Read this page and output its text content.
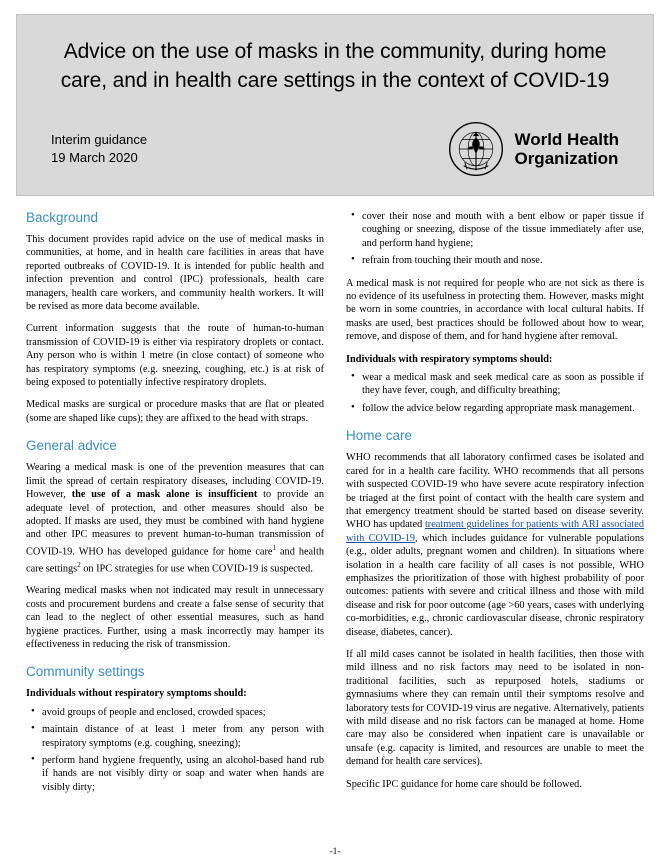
Advice on the use of masks in the community, during home care, and in health care settings in the context of COVID-19
Interim guidance
19 March 2020
World Health
Organization
Background

This document provides rapid advice on the use of medical masks in communities, at home, and in health care facilities in areas that have reported outbreaks of COVID-19. It is intended for public health and infection prevention and control (IPC) professionals, health care managers, health care workers, and community health workers. It will be revised as more data become available.

Current information suggests that the route of human-to-human transmission of COVID-19 is either via respiratory droplets or contact. Any person who is within 1 metre (in close contact) of someone who has respiratory symptoms (e.g. sneezing, coughing, etc.) is at risk of being exposed to potentially infective respiratory droplets.

Medical masks are surgical or procedure masks that are flat or pleated (some are shaped like cups); they are affixed to the head with straps.

General advice

Wearing a medical mask is one of the prevention measures that can limit the spread of certain respiratory diseases, including COVID-19. However, the use of a mask alone is insufficient to provide an adequate level of protection, and other measures should also be adopted. If masks are used, they must be combined with hand hygiene and other IPC measures to prevent human-to-human transmission of COVID-19. WHO has developed guidance for home care$^1$ and health care settings$^2$ on IPC strategies for use when COVID-19 is suspected.

Wearing medical masks when not indicated may result in unnecessary costs and procurement burdens and create a false sense of security that can lead to the neglect of other essential measures, such as hand hygiene practices. Further, using a mask incorrectly may hamper its effectiveness in reducing the risk of transmission.

Community settings

Individuals without respiratory symptoms should:

• avoid groups of people and enclosed, crowded spaces;
• maintain distance of at least 1 meter from any person with respiratory symptoms (e.g. coughing, sneezing);
• perform hand hygiene frequently, using an alcohol-based hand rub if hands are not visibly dirty or soap and water when hands are visibly dirty;
• cover their nose and mouth with a bent elbow or paper tissue if coughing or sneezing, dispose of the tissue immediately after use, and perform hand hygiene;
• refrain from touching their mouth and nose.

A medical mask is not required for people who are not sick as there is no evidence of its usefulness in protecting them. However, masks might be worn in some countries, in accordance with local cultural habits. If masks are used, best practices should be followed about how to wear, remove, and dispose of them, and for hand hygiene after removal.

Individuals with respiratory symptoms should:

• wear a medical mask and seek medical care as soon as possible if they have fever, cough, and difficulty breathing;
• follow the advice below regarding appropriate mask management.
Home care

WHO recommends that all laboratory confirmed cases be isolated and cared for in a health care facility. WHO recommends that all persons with suspected COVID-19 who have severe acute respiratory infection be triaged at the first point of contact with the health care system and that emergency treatment should be started based on disease severity. WHO has updated treatment guidelines for patients with ARI associated with COVID-19, which includes guidance for vulnerable populations (e.g., older adults, pregnant women and children). In situations where isolation in a health care facility of all cases is not possible, WHO emphasizes the prioritization of those with highest probability of poor outcomes: patients with severe and critical illness and those with mild disease and risk for poor outcome (age >60 years, cases with underlying co-morbidities, e.g., chronic cardiovascular disease, chronic respiratory disease, diabetes, cancer).

If all mild cases cannot be isolated in health facilities, then those with mild illness and no risk factors may need to be isolated in non-traditional facilities, such as repurposed hotels, stadiums or gymnasiums where they can remain until their symptoms resolve and laboratory tests for COVID-19 virus are negative. Alternatively, patients with mild disease and no risk factors can be managed at home. Home care may also be considered when inpatient care is unavailable or unsafe (e.g. capacity is limited, and resources are unable to meet the demand for health care services).

Specific IPC guidance for home care should be followed.

-1-
